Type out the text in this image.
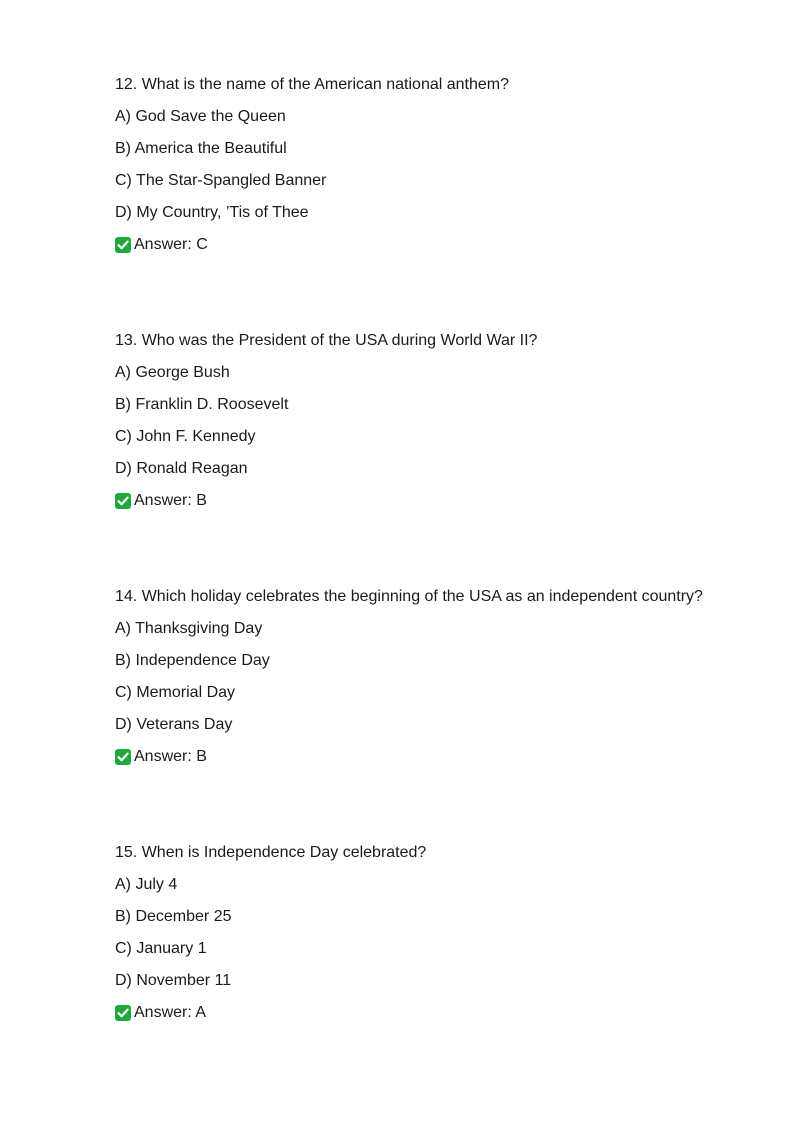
12. What is the name of the American national anthem?
A) God Save the Queen
B) America the Beautiful
C) The Star-Spangled Banner
D) My Country, ’Tis of Thee
Answer: C
13. Who was the President of the USA during World War II?
A) George Bush
B) Franklin D. Roosevelt
C) John F. Kennedy
D) Ronald Reagan
Answer: B
14. Which holiday celebrates the beginning of the USA as an independent country?
A) Thanksgiving Day
B) Independence Day
C) Memorial Day
D) Veterans Day
Answer: B
15. When is Independence Day celebrated?
A) July 4
B) December 25
C) January 1
D) November 11
Answer: A
